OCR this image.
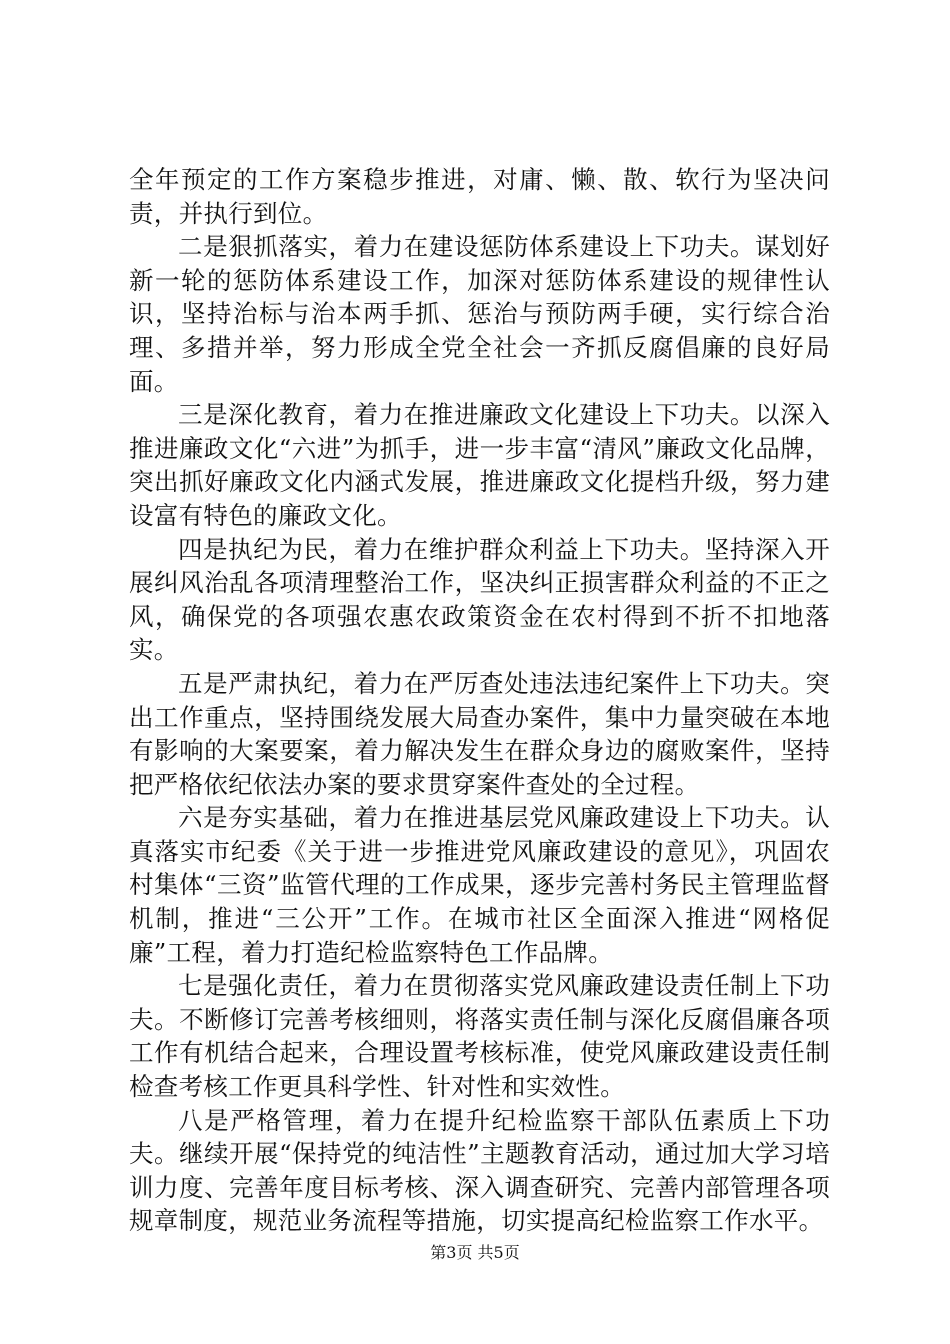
全年预定的工作方案稳步推进，对庸、懒、散、软行为坚决问责，并执行到位。

二是狠抓落实，着力在建设惩防体系建设上下功夫。谋划好新一轮的惩防体系建设工作，加深对惩防体系建设的规律性认识，坚持治标与治本两手抓、惩治与预防两手硬，实行综合治理、多措并举，努力形成全党全社会一齐抓反腐倡廉的良好局面。

三是深化教育，着力在推进廉政文化建设上下功夫。以深入推进廉政文化“六进”为抓手，进一步丰富“清风”廉政文化品牌，突出抓好廉政文化内涵式发展，推进廉政文化提档升级，努力建设富有特色的廉政文化。

四是执纪为民，着力在维护群众利益上下功夫。坚持深入开展纠风治乱各项清理整治工作，坚决纠正损害群众利益的不正之风，确保党的各项强农惠农政策资金在农村得到不折不扣地落实。

五是严肃执纪，着力在严厉查处违法违纪案件上下功夫。突出工作重点，坚持围绕发展大局查办案件，集中力量突破在本地有影响的大案要案，着力解决发生在群众身边的腐败案件，坚持把严格依纪依法办案的要求贯穿案件查处的全过程。

六是夯实基础，着力在推进基层党风廉政建设上下功夫。认真落实市纪委《关于进一步推进党风廉政建设的意见》，巩固农村集体“三资”监管代理的工作成果，逐步完善村务民主管理监督机制，推进“三公开”工作。在城市社区全面深入推进“网格促廉”工程，着力打造纪检监察特色工作品牌。

七是强化责任，着力在贯彻落实党风廉政建设责任制上下功夫。不断修订完善考核细则，将落实责任制与深化反腐倡廉各项工作有机结合起来，合理设置考核标准，使党风廉政建设责任制检查考核工作更具科学性、针对性和实效性。

八是严格管理，着力在提升纪检监察干部队伍素质上下功夫。继续开展“保持党的纯洁性”主题教育活动，通过加大学习培训力度、完善年度目标考核、深入调查研究、完善内部管理各项规章制度，规范业务流程等措施，切实提高纪检监察工作水平。

第3页 共5页
